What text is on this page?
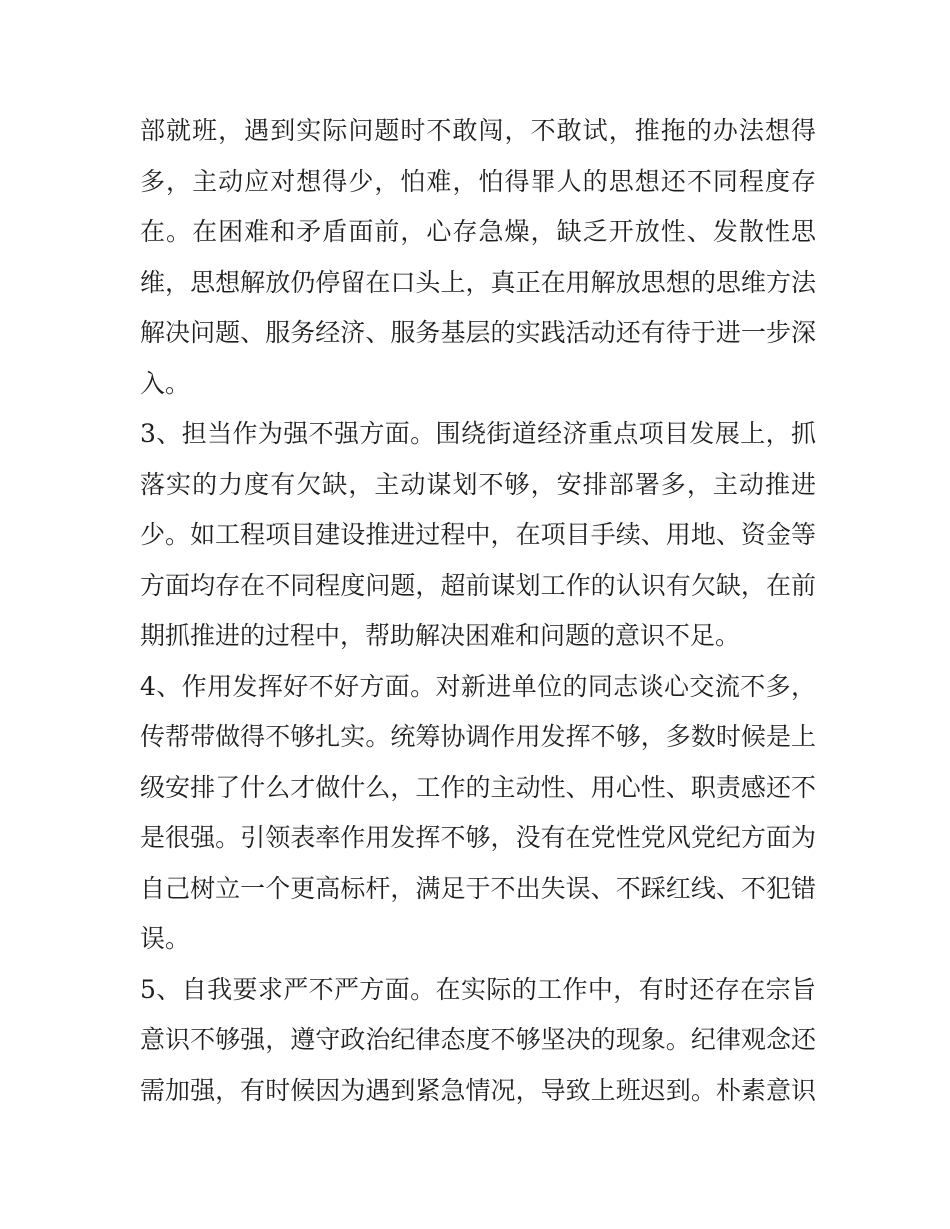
部就班，遇到实际问题时不敢闯，不敢试，推拖的办法想得
多，主动应对想得少，怕难，怕得罪人的思想还不同程度存
在。在困难和矛盾面前，心存急燥，缺乏开放性、发散性思
维，思想解放仍停留在口头上，真正在用解放思想的思维方法
解决问题、服务经济、服务基层的实践活动还有待于进一步深
入。
3、担当作为强不强方面。围绕街道经济重点项目发展上，抓
落实的力度有欠缺，主动谋划不够，安排部署多，主动推进
少。如工程项目建设推进过程中，在项目手续、用地、资金等
方面均存在不同程度问题，超前谋划工作的认识有欠缺，在前
期抓推进的过程中，帮助解决困难和问题的意识不足。
4、作用发挥好不好方面。对新进单位的同志谈心交流不多，
传帮带做得不够扎实。统筹协调作用发挥不够，多数时候是上
级安排了什么才做什么，工作的主动性、用心性、职责感还不
是很强。引领表率作用发挥不够，没有在党性党风党纪方面为
自己树立一个更高标杆，满足于不出失误、不踩红线、不犯错
误。
5、自我要求严不严方面。在实际的工作中，有时还存在宗旨
意识不够强，遵守政治纪律态度不够坚决的现象。纪律观念还
需加强，有时候因为遇到紧急情况，导致上班迟到。朴素意识
